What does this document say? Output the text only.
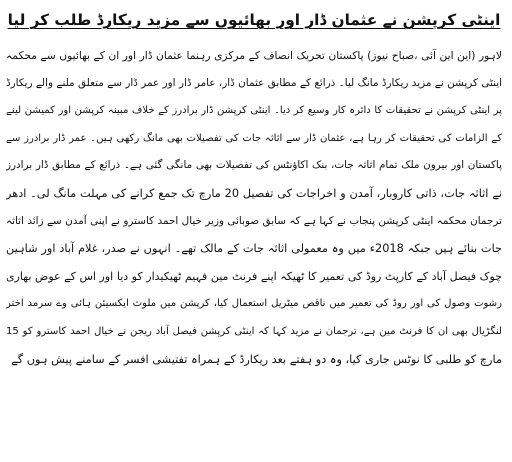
اینٹی کرپشن نے عثمان ڈار اور بھائیوں سے مزید ریکارڈ طلب کر لیا
لاہور (این این آئی ،صباح نیوز) پاکستان تحریک انصاف کے مرکزی رہنما عثمان ڈار اور ان کے بھائیوں سے محکمہ
اینٹی کرپشن نے مزید ریکارڈ مانگ لیا۔ ذرائع کے مطابق عثمان ڈار، عامر ڈار اور عمر ڈار سے متعلق ملنے والے ریکارڈ
پر اینٹی کرپشن نے تحقیقات کا دائرہ کار وسیع کر دیا۔ اینٹی کرپشن ڈار برادرز کے خلاف مبینہ کرپشن اور کمیشن لینے
کے الزامات کی تحقیقات کر رہا ہے، عثمان ڈار سے اثاثہ جات کی تفصیلات بھی مانگ رکھی ہیں۔ عمر ڈار برادرز سے
پاکستان اور بیرون ملک تمام اثاثہ جات، بنک اکاؤنٹس کی تفصیلات بھی مانگی گئی ہے۔ ذرائع کے مطابق ڈار برادرز
نے اثاثہ جات، ذاتی کاروبار، آمدن و اخراجات کی تفصیل 20 مارچ تک جمع کرانے کی مہلت مانگ لی۔ ادھر
ترجمان محکمہ اینٹی کرپشن پنجاب نے کہا ہے کہ سابق صوبائی وزیر خیال احمد کاسترو نے اپنی آمدن سے زائد اثاثہ
جات بنائے ہیں جبکہ 2018ء میں وہ معمولی اثاثہ جات کے مالک تھے۔ انہوں نے صدر، غلام آباد اور شاہین
چوک فیصل آباد کے کارپٹ روڈ کی تعمیر کا ٹھیکہ اپنے فرنٹ مین فہیم ٹھیکیدار کو دیا اور اس کے عوض بھاری
رشوت وصول کی اور روڈ کی تعمیر میں ناقص میٹریل استعمال کیا، کرپشن میں ملوث ایکسیئن ہائی وے سرمد اختر
لنگڑیال بھی ان کا فرنٹ مین ہے، ترجمان نے مزید کہا کہ اینٹی کرپشن فیصل آباد ریجن نے خیال احمد کاسترو کو 15
مارچ کو طلبی کا نوٹس جاری کیا، وہ دو ہفتے بعد ریکارڈ کے ہمراہ تفتیشی افسر کے سامنے پیش ہوں گے
